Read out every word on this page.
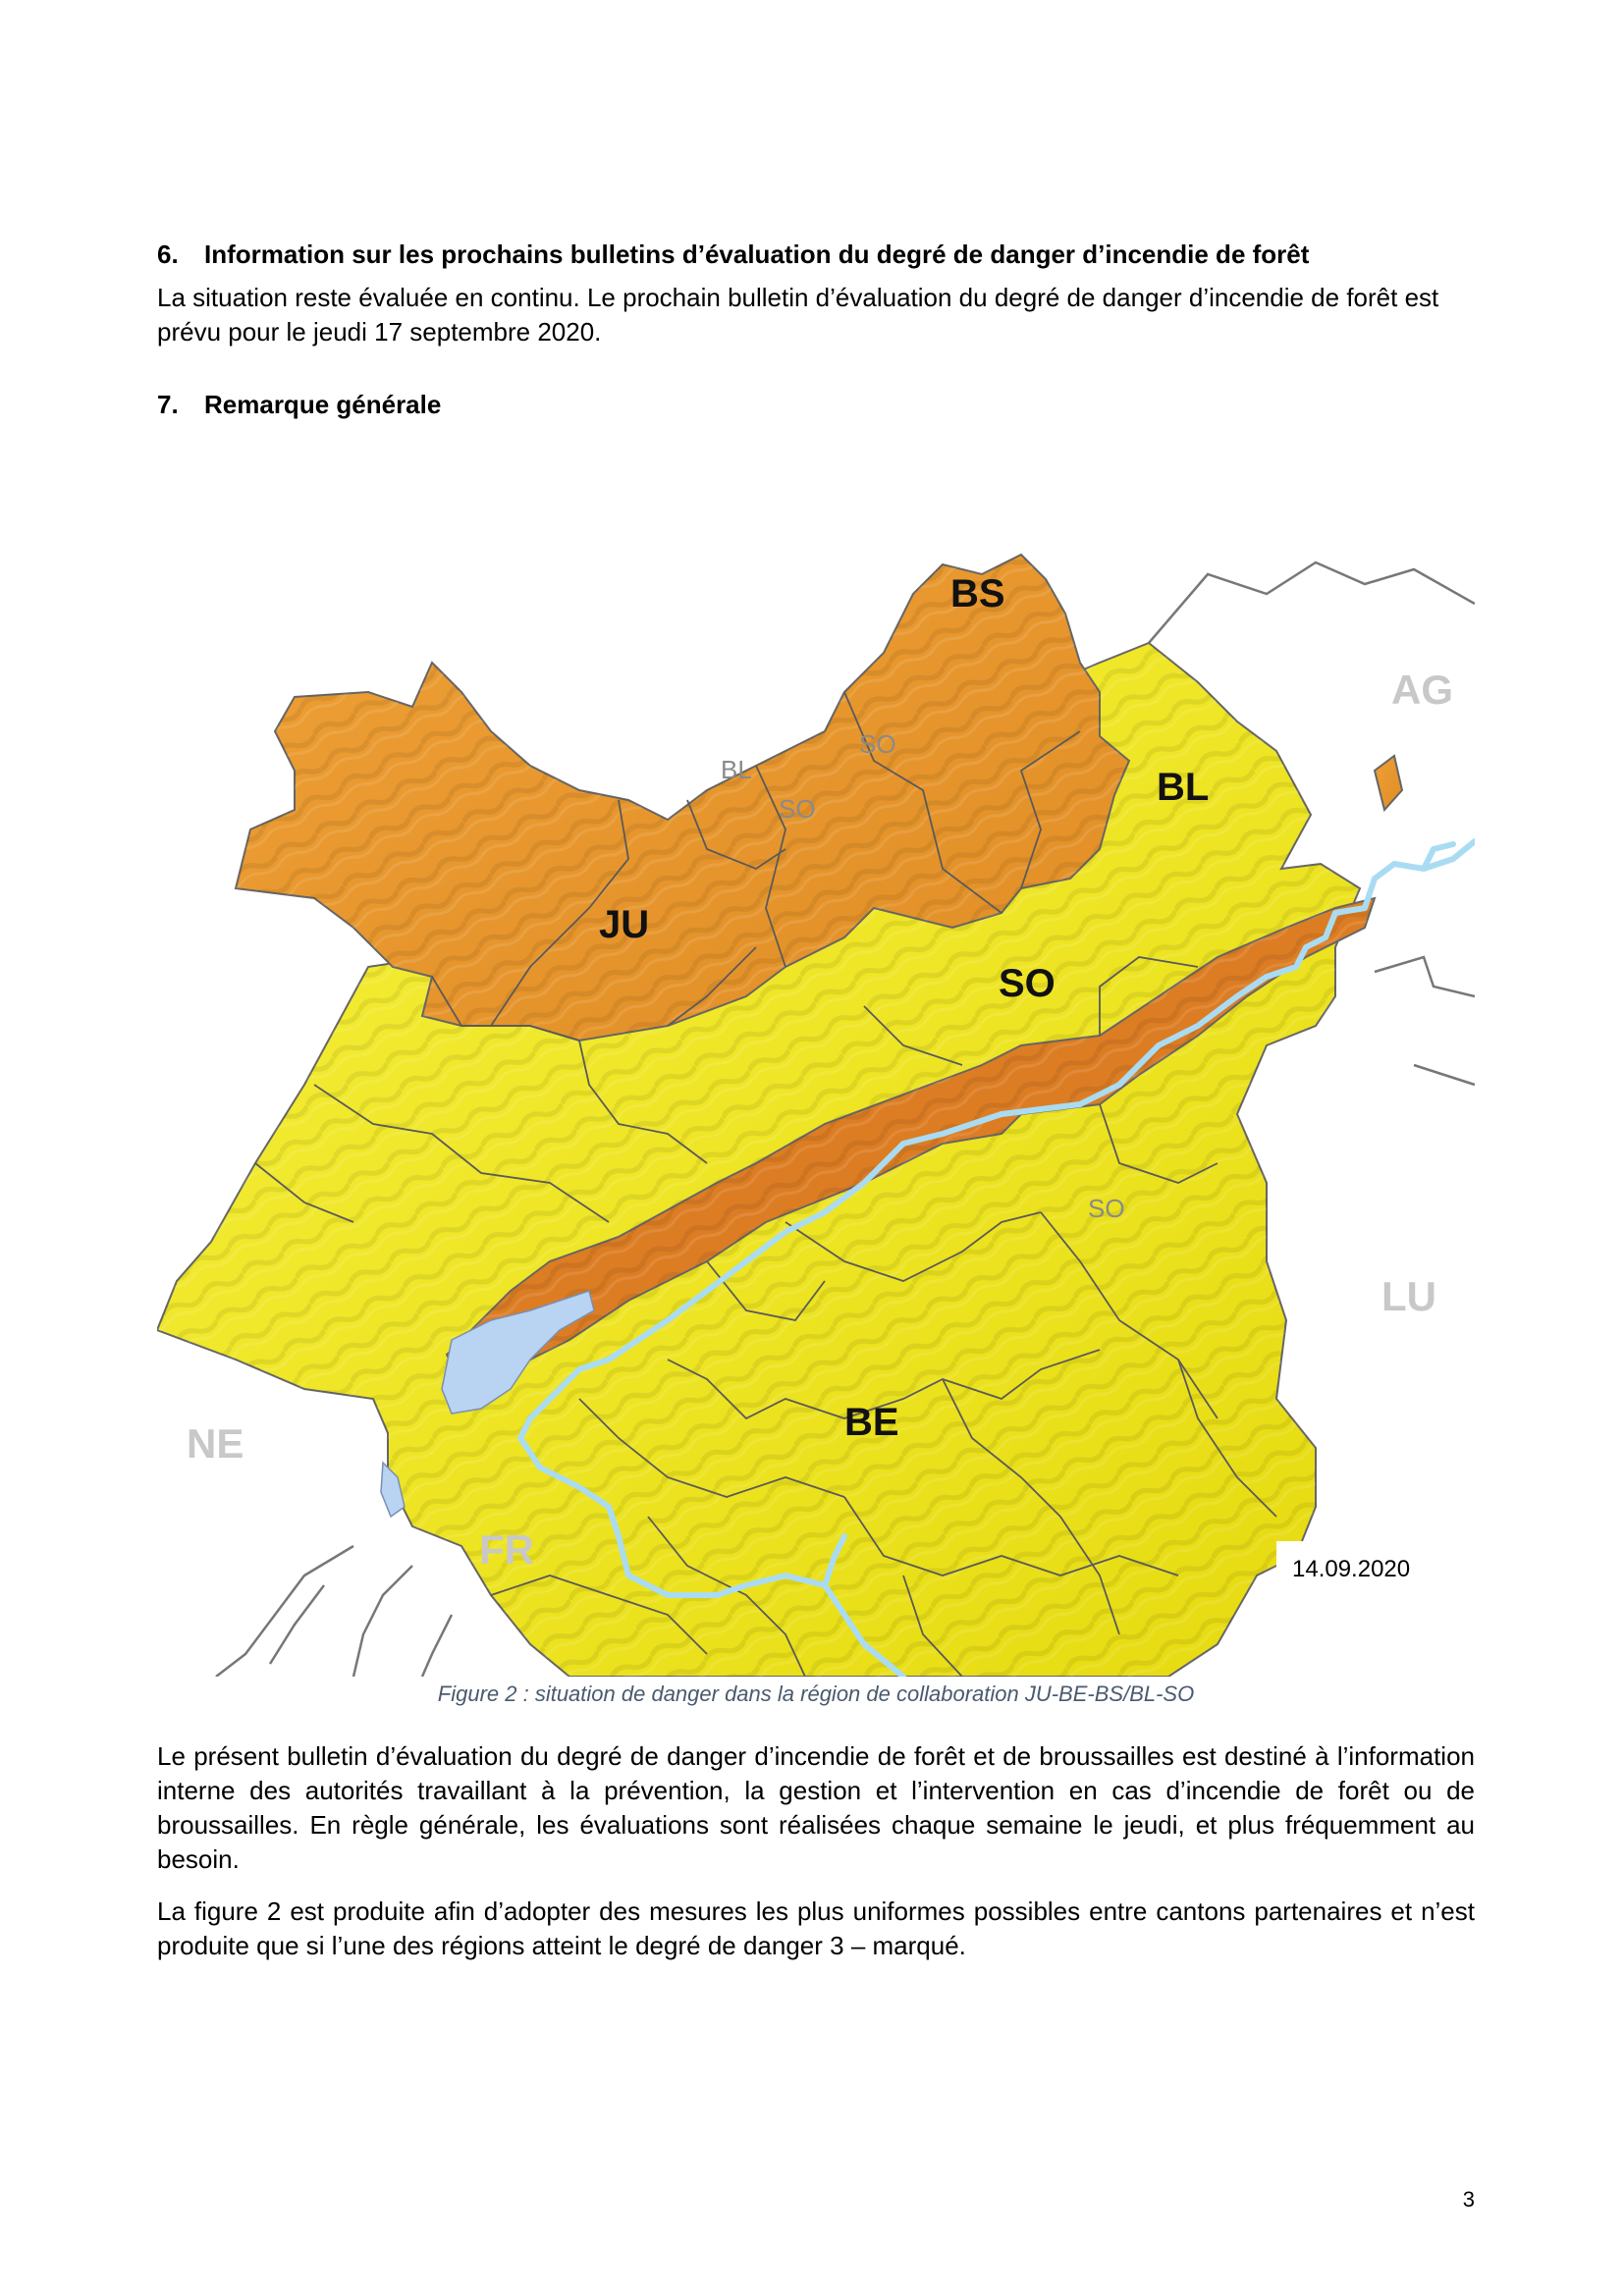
6. Information sur les prochains bulletins d’évaluation du degré de danger d’incendie de forêt

La situation reste évaluée en continu. Le prochain bulletin d’évaluation du degré de danger d’incendie de forêt est prévu pour le jeudi 17 septembre 2020.

7. Remarque générale
BS
BL
JU
SO
BE
AG
LU
NE
FR
BL
SO
SO
SO
14.09.2020

Figure 2 : situation de danger dans la région de collaboration JU-BE-BS/BL-SO

Le présent bulletin d’évaluation du degré de danger d’incendie de forêt et de broussailles est destiné à l’information interne des autorités travaillant à la prévention, la gestion et l’intervention en cas d’incendie de forêt ou de broussailles. En règle générale, les évaluations sont réalisées chaque semaine le jeudi, et plus fréquemment au besoin.

La figure 2 est produite afin d’adopter des mesures les plus uniformes possibles entre cantons partenaires et n’est produite que si l’une des régions atteint le degré de danger 3 – marqué.

3
